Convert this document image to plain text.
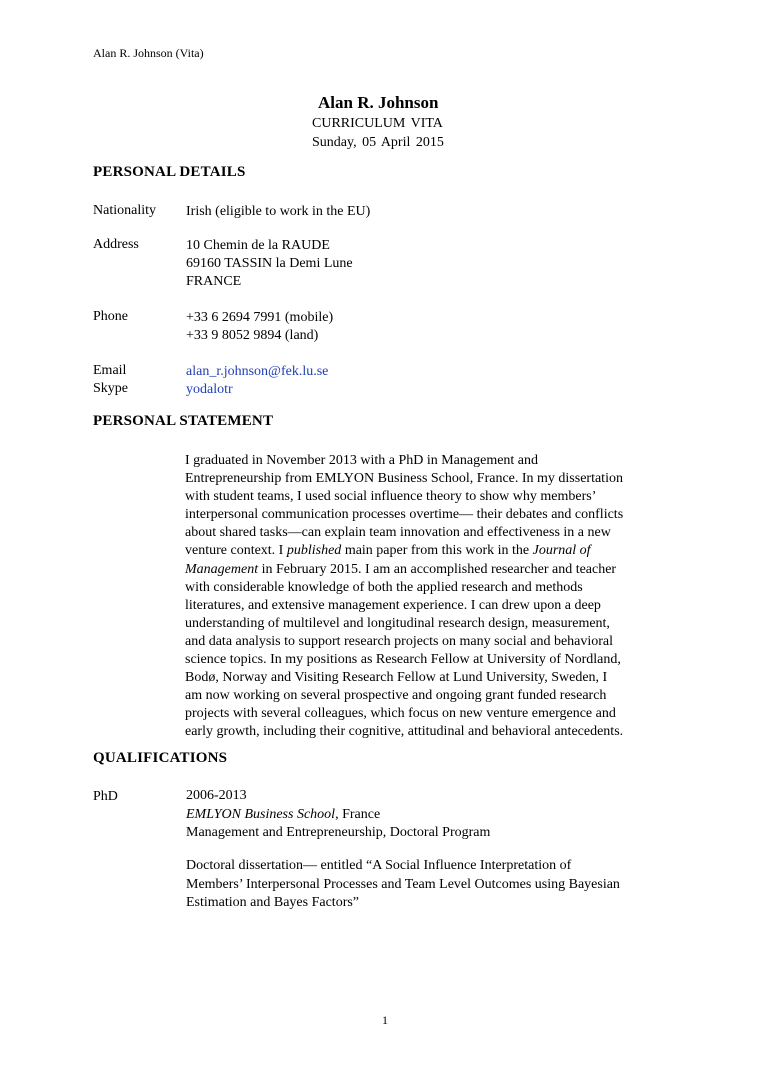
Alan R. Johnson (Vita)
Alan R. Johnson
CURRICULUM VITA
Sunday, 05 April 2015
PERSONAL DETAILS
Nationality Irish (eligible to work in the EU)
Address	10 Chemin de la RAUDE
69160 TASSIN la Demi Lune
FRANCE
Phone	+33 6 2694 7991 (mobile)
+33 9 8052 9894 (land)
Email	alan_r.johnson@fek.lu.se
Skype	yodalotr
PERSONAL STATEMENT
I graduated in November 2013 with a PhD in Management and
Entrepreneurship from EMLYON Business School, France. In my dissertation
with student teams, I used social influence theory to show why members’
interpersonal communication processes overtime— their debates and conflicts
about shared tasks—can explain team innovation and effectiveness in a new
venture context. I published main paper from this work in the Journal of
Management in February 2015. I am an accomplished researcher and teacher
with considerable knowledge of both the applied research and methods
literatures, and extensive management experience. I can drew upon a deep
understanding of multilevel and longitudinal research design, measurement,
and data analysis to support research projects on many social and behavioral
science topics. In my positions as Research Fellow at University of Nordland,
Bodø, Norway and Visiting Research Fellow at Lund University, Sweden, I
am now working on several prospective and ongoing grant funded research
projects with several colleagues, which focus on new venture emergence and
early growth, including their cognitive, attitudinal and behavioral antecedents.
QUALIFICATIONS
PhD	2006-2013
EMLYON Business School, France
Management and Entrepreneurship, Doctoral Program
Doctoral dissertation— entitled “A Social Influence Interpretation of
Members’ Interpersonal Processes and Team Level Outcomes using Bayesian
Estimation and Bayes Factors”
1
